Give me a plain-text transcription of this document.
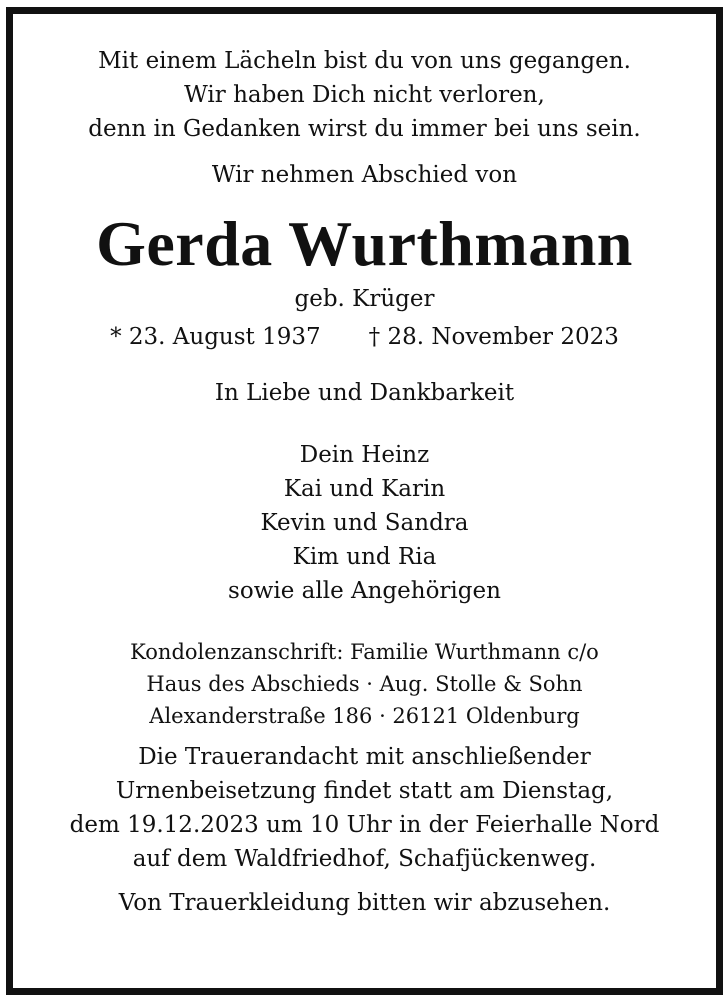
Mit einem Lächeln bist du von uns gegangen.
Wir haben Dich nicht verloren,
denn in Gedanken wirst du immer bei uns sein.
Wir nehmen Abschied von
Gerda Wurthmann
geb. Krüger
* 23. August 1937 † 28. November 2023
In Liebe und Dankbarkeit
Dein Heinz
Kai und Karin
Kevin und Sandra
Kim und Ria
sowie alle Angehörigen
Kondolenzanschrift: Familie Wurthmann c/o
Haus des Abschieds · Aug. Stolle & Sohn
Alexanderstraße 186 · 26121 Oldenburg
Die Trauerandacht mit anschließender
Urnenbeisetzung findet statt am Dienstag,
dem 19.12.2023 um 10 Uhr in der Feierhalle Nord
auf dem Waldfriedhof, Schafjückenweg.
Von Trauerkleidung bitten wir abzusehen.
